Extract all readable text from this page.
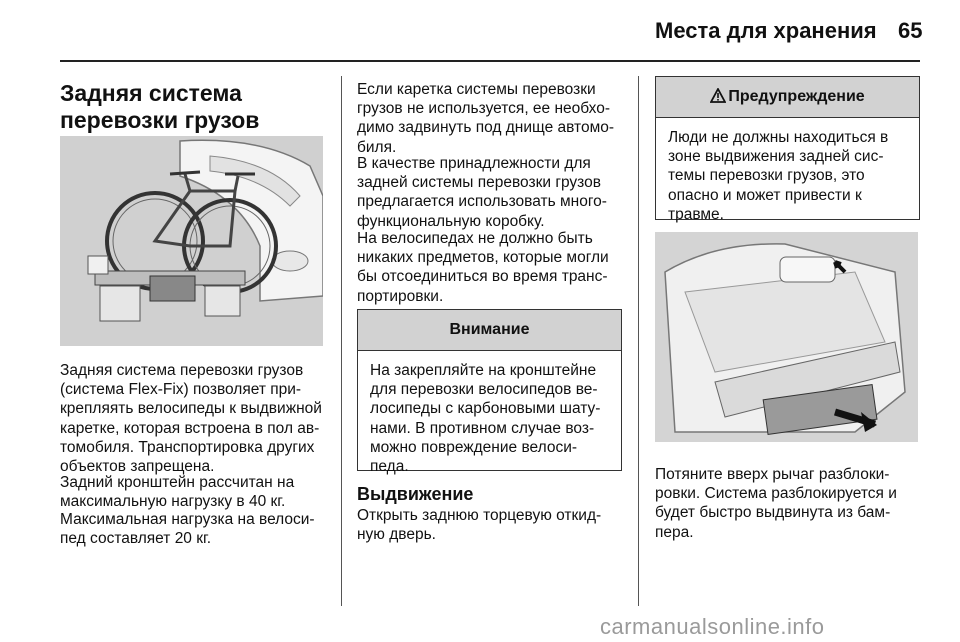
Места для хранения 65
Задняя система перевозки грузов

Задняя система перевозки грузов (система Flex-Fix) позволяет при-крепляять велосипеды к выдвижной каретке, которая встроена в пол ав-томобиля. Транспортировка других объектов запрещена.

Задний кронштейн рассчитан на максимальную нагрузку в 40 кг.

Максимальная нагрузка на велоси-пед составляет 20 кг.

Если каретка системы перевозки грузов не используется, ее необхо-димо задвинуть под днище автомо-биля.

В качестве принадлежности для задней системы перевозки грузов предлагается использовать много-функциональную коробку.

На велосипедах не должно быть никаких предметов, которые могли бы отсоединиться во время транс-портировки.

Внимание
На закрепляйте на кронштейне для перевозки велосипедов ве-лосипеды с карбоновыми шату-нами. В противном случае воз-можно повреждение велоси-педа.
Выдвижение

Открыть заднюю торцевую откид-ную дверь.

Предупреждение
Люди не должны находиться в зоне выдвижения задней сис-темы перевозки грузов, это опасно и может привести к травме.

Потяните вверх рычаг разблоки-ровки. Система разблокируется и будет быстро выдвинута из бам-пера.

carmanualsonline.info
